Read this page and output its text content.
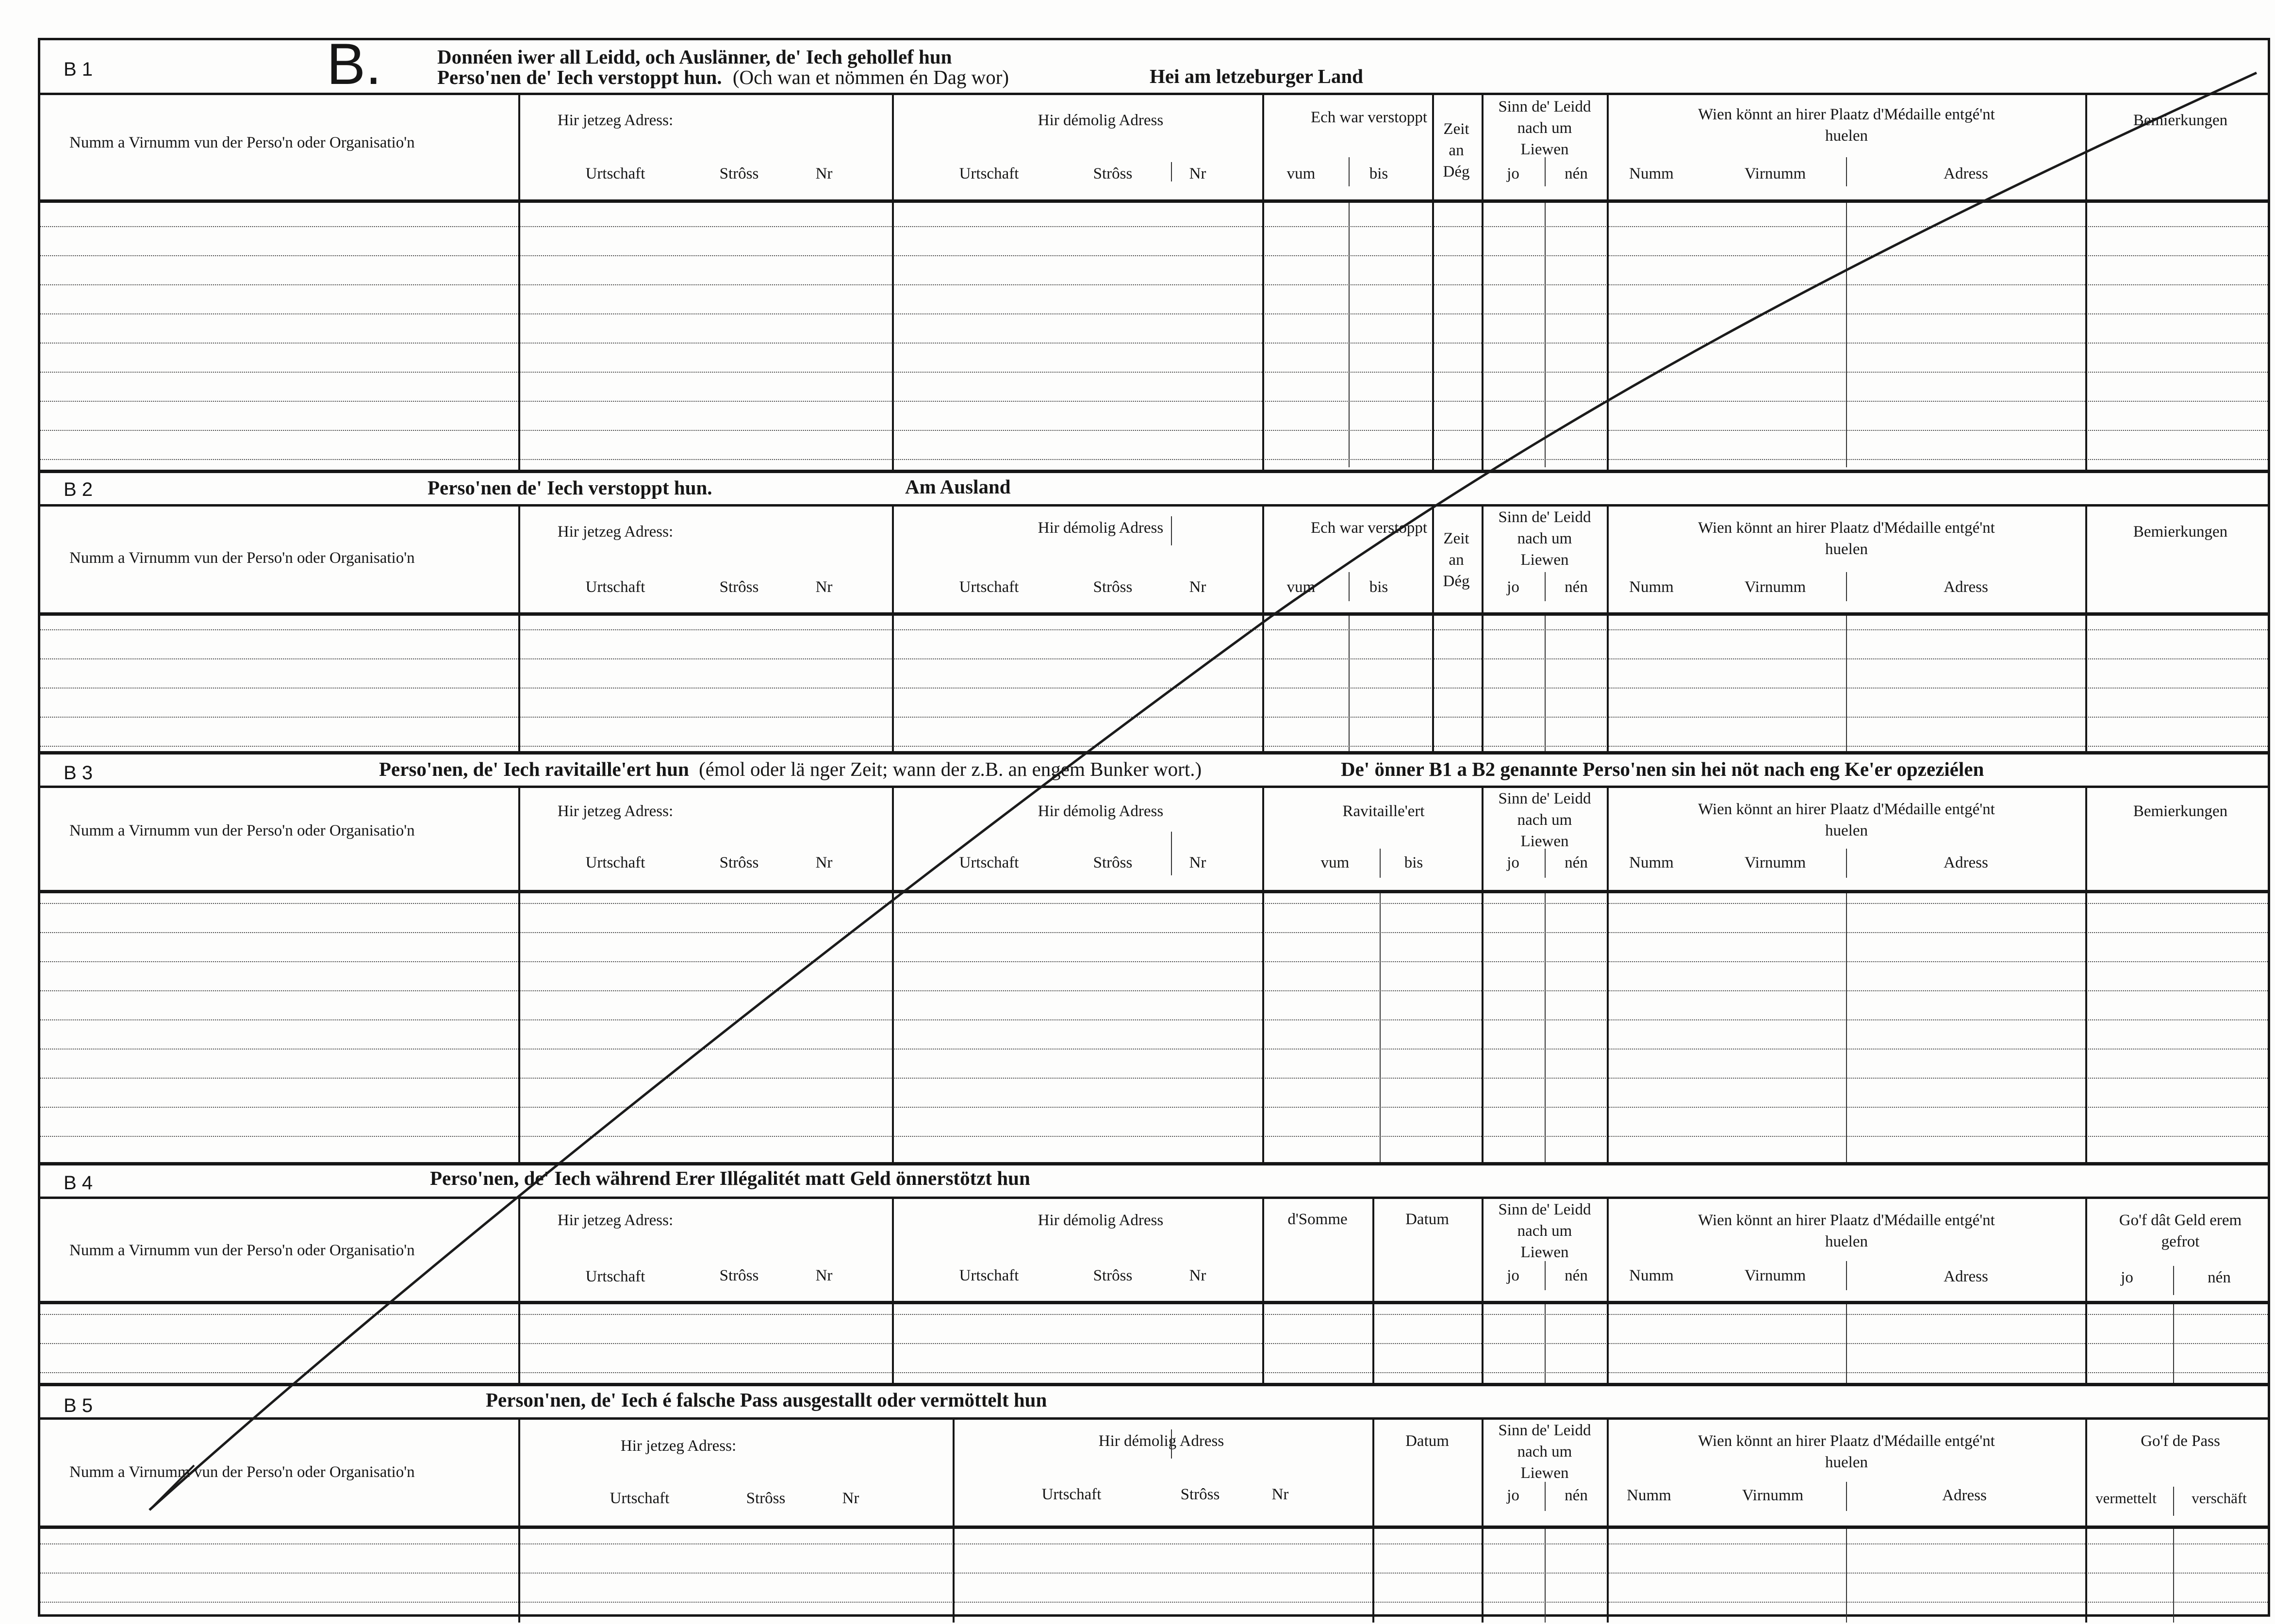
B 1	B.	Donnéen iwer all Leidd, och Auslänner, de' Iech gehollef hun
Perso'nen de' Iech verstoppt hun. (Och wan et nömmen én Dag wor)	Hei am letzeburger Land
Numm a Virnumm vun der Perso'n oder Organisatio'n
Hir jetzeg Adress:
Urtschaft	Strôss	Nr
Hir démolig Adress
Urtschaft	Strôss	Nr
Ech war verstoppt
vum	bis
Zeit an Dég
Sinn de' Leidd nach um Liewen
jo	nén
Wien könnt an hirer Plaatz d'Médaille entgé'nt huelen
Numm	Virnumm	Adress
Bemierkungen
B 2	Perso'nen de' Iech verstoppt hun.	Am Ausland
Numm a Virnumm vun der Perso'n oder Organisatio'n
Hir jetzeg Adress:
Urtschaft	Strôss	Nr
Hir démolig Adress
Urtschaft	Strôss	Nr
Ech war verstoppt
vum	bis
Zeit an Dég
Sinn de' Leidd nach um Liewen
jo	nén
Wien könnt an hirer Plaatz d'Médaille entgé'nt huelen
Numm	Virnumm	Adress
Bemierkungen
B 3	Perso'nen, de' Iech ravitaille'ert hun (émol oder lä nger Zeit; wann der z.B. an engem Bunker wort.)	De' önner B1 a B2 genannte Perso'nen sin hei nöt nach eng Ke'er opzeziélen
Numm a Virnumm vun der Perso'n oder Organisatio'n
Hir jetzeg Adress:
Urtschaft	Strôss	Nr
Hir démolig Adress
Urtschaft	Strôss	Nr
Ravitaille'ert
vum	bis
Sinn de' Leidd nach um Liewen
jo	nén
Wien könnt an hirer Plaatz d'Médaille entgé'nt huelen
Numm	Virnumm	Adress
Bemierkungen
B 4	Perso'nen, de' Iech während Erer Illégalitét matt Geld önnerstötzt hun
Numm a Virnumm vun der Perso'n oder Organisatio'n
Hir jetzeg Adress:
Urtschaft	Strôss	Nr
Hir démolig Adress
Urtschaft	Strôss	Nr
d'Somme	Datum
Sinn de' Leidd nach um Liewen
jo	nén
Wien könnt an hirer Plaatz d'Médaille entgé'nt huelen
Numm	Virnumm	Adress
Go'f dât Geld erem gefrot
jo	nén
B 5	Person'nen, de' Iech é falsche Pass ausgestallt oder vermöttelt hun
Numm a Virnumm vun der Perso'n oder Organisatio'n
Hir jetzeg Adress:
Urtschaft	Strôss	Nr
Hir démolig Adress
Urtschaft	Strôss	Nr
Datum
Sinn de' Leidd nach um Liewen
jo	nén
Wien könnt an hirer Plaatz d'Médaille entgé'nt huelen
Numm	Virnumm	Adress
Go'f de Pass
vermettelt verschäft
